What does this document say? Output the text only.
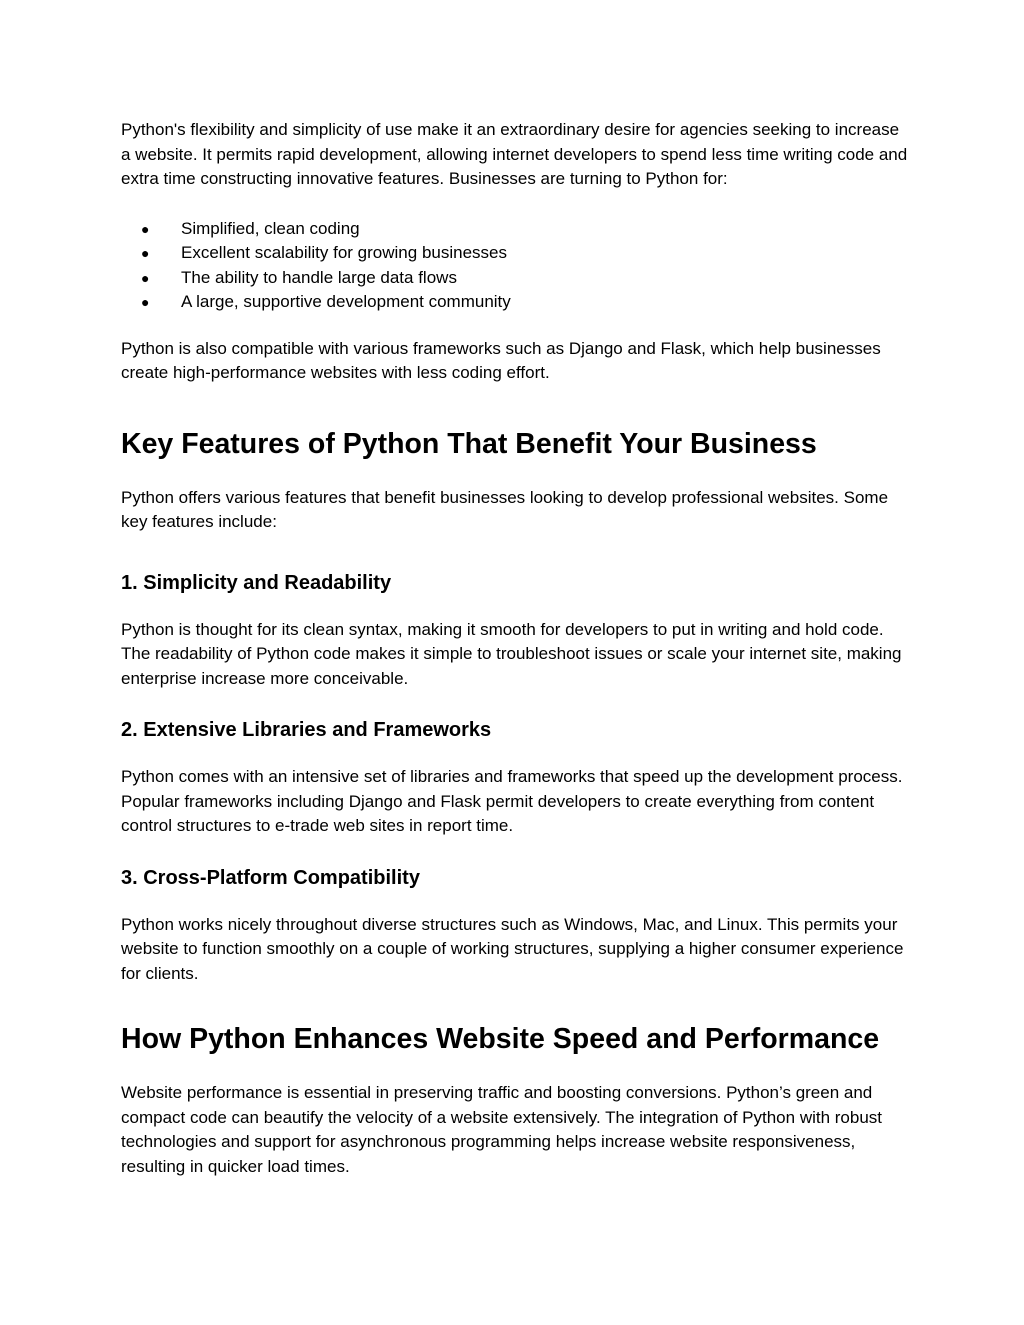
Python's flexibility and simplicity of use make it an extraordinary desire for agencies seeking to increase a website. It permits rapid development, allowing internet developers to spend less time writing code and extra time constructing innovative features. Businesses are turning to Python for:

● Simplified, clean coding
● Excellent scalability for growing businesses
● The ability to handle large data flows
● A large, supportive development community

Python is also compatible with various frameworks such as Django and Flask, which help businesses create high-performance websites with less coding effort.

Key Features of Python That Benefit Your Business

Python offers various features that benefit businesses looking to develop professional websites. Some key features include:

1. Simplicity and Readability

Python is thought for its clean syntax, making it smooth for developers to put in writing and hold code. The readability of Python code makes it simple to troubleshoot issues or scale your internet site, making enterprise increase more conceivable.

2. Extensive Libraries and Frameworks

Python comes with an intensive set of libraries and frameworks that speed up the development process. Popular frameworks including Django and Flask permit developers to create everything from content control structures to e-trade web sites in report time.

3. Cross-Platform Compatibility

Python works nicely throughout diverse structures such as Windows, Mac, and Linux. This permits your website to function smoothly on a couple of working structures, supplying a higher consumer experience for clients.

How Python Enhances Website Speed and Performance

Website performance is essential in preserving traffic and boosting conversions. Python’s green and compact code can beautify the velocity of a website extensively. The integration of Python with robust technologies and support for asynchronous programming helps increase website responsiveness, resulting in quicker load times.
